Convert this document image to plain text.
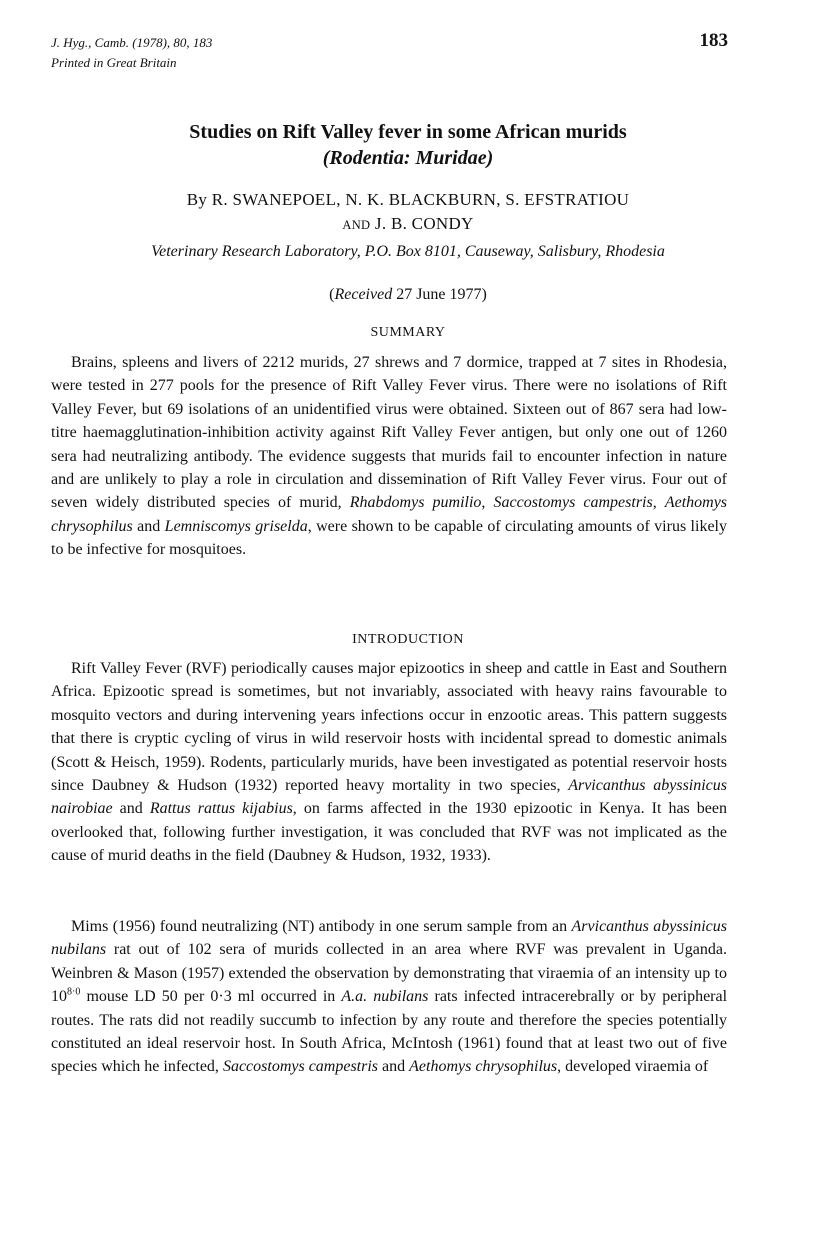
J. Hyg., Camb. (1978), 80, 183
Printed in Great Britain
183
Studies on Rift Valley fever in some African murids
(Rodentia: Muridae)
By R. SWANEPOEL, N. K. BLACKBURN, S. EFSTRATIOU
AND J. B. CONDY
Veterinary Research Laboratory, P.O. Box 8101, Causeway, Salisbury, Rhodesia
(Received 27 June 1977)
SUMMARY

Brains, spleens and livers of 2212 murids, 27 shrews and 7 dormice, trapped at 7 sites in Rhodesia, were tested in 277 pools for the presence of Rift Valley Fever virus. There were no isolations of Rift Valley Fever, but 69 isolations of an unidentified virus were obtained. Sixteen out of 867 sera had low-titre haemagglutination-inhibition activity against Rift Valley Fever antigen, but only one out of 1260 sera had neutralizing antibody. The evidence suggests that murids fail to encounter infection in nature and are unlikely to play a role in circulation and dissemination of Rift Valley Fever virus. Four out of seven widely distributed species of murid, Rhabdomys pumilio, Saccostomys campestris, Aethomys chrysophilus and Lemniscomys griselda, were shown to be capable of circulating amounts of virus likely to be infective for mosquitoes.

INTRODUCTION

Rift Valley Fever (RVF) periodically causes major epizootics in sheep and cattle in East and Southern Africa. Epizootic spread is sometimes, but not invariably, associated with heavy rains favourable to mosquito vectors and during intervening years infections occur in enzootic areas. This pattern suggests that there is cryptic cycling of virus in wild reservoir hosts with incidental spread to domestic animals (Scott & Heisch, 1959). Rodents, particularly murids, have been investigated as potential reservoir hosts since Daubney & Hudson (1932) reported heavy mortality in two species, Arvicanthus abyssinicus nairobiae and Rattus rattus kijabius, on farms affected in the 1930 epizootic in Kenya. It has been overlooked that, following further investigation, it was concluded that RVF was not implicated as the cause of murid deaths in the field (Daubney & Hudson, 1932, 1933).

Mims (1956) found neutralizing (NT) antibody in one serum sample from an Arvicanthus abyssinicus nubilans rat out of 102 sera of murids collected in an area where RVF was prevalent in Uganda. Weinbren & Mason (1957) extended the observation by demonstrating that viraemia of an intensity up to $10^{8\cdot 0}$ mouse LD 50 per 0·3 ml occurred in A.a. nubilans rats infected intracerebrally or by peripheral routes. The rats did not readily succumb to infection by any route and therefore the species potentially constituted an ideal reservoir host. In South Africa, McIntosh (1961) found that at least two out of five species which he infected, Saccostomys campestris and Aethomys chrysophilus, developed viraemia of
